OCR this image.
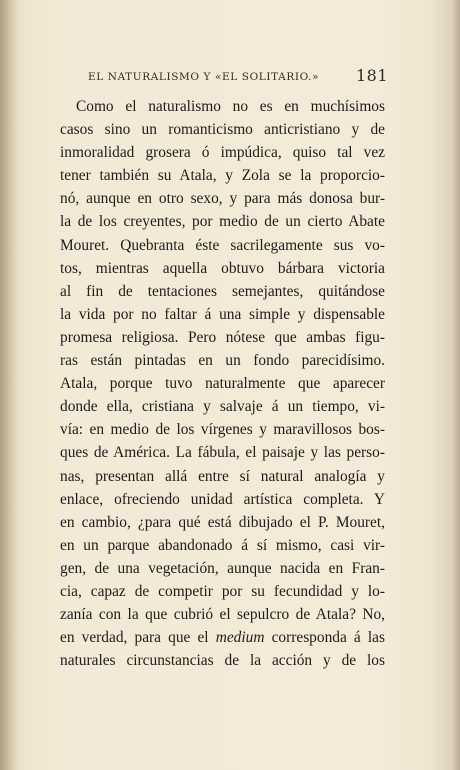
EL NATURALISMO Y «EL SOLITARIO.» 181
Como el naturalismo no es en muchísimos
casos sino un romanticismo anticristiano y de
inmoralidad grosera ó impúdica, quiso tal vez
tener también su Atala, y Zola se la proporcio-
nó, aunque en otro sexo, y para más donosa bur-
la de los creyentes, por medio de un cierto Abate
Mouret. Quebranta éste sacrilegamente sus vo-
tos, mientras aquella obtuvo bárbara victoria
al fin de tentaciones semejantes, quitándose
la vida por no faltar á una simple y dispensable
promesa religiosa. Pero nótese que ambas figu-
ras están pintadas en un fondo parecidísimo.
Atala, porque tuvo naturalmente que aparecer
donde ella, cristiana y salvaje á un tiempo, vi-
vía: en medio de los vírgenes y maravillosos bos-
ques de América. La fábula, el paisaje y las perso-
nas, presentan allá entre sí natural analogía y
enlace, ofreciendo unidad artística completa. Y
en cambio, ¿para qué está dibujado el P. Mouret,
en un parque abandonado á sí mismo, casi vir-
gen, de una vegetación, aunque nacida en Fran-
cia, capaz de competir por su fecundidad y lo-
zanía con la que cubrió el sepulcro de Atala? No,
en verdad, para que el medium corresponda á las
naturales circunstancias de la acción y de los
